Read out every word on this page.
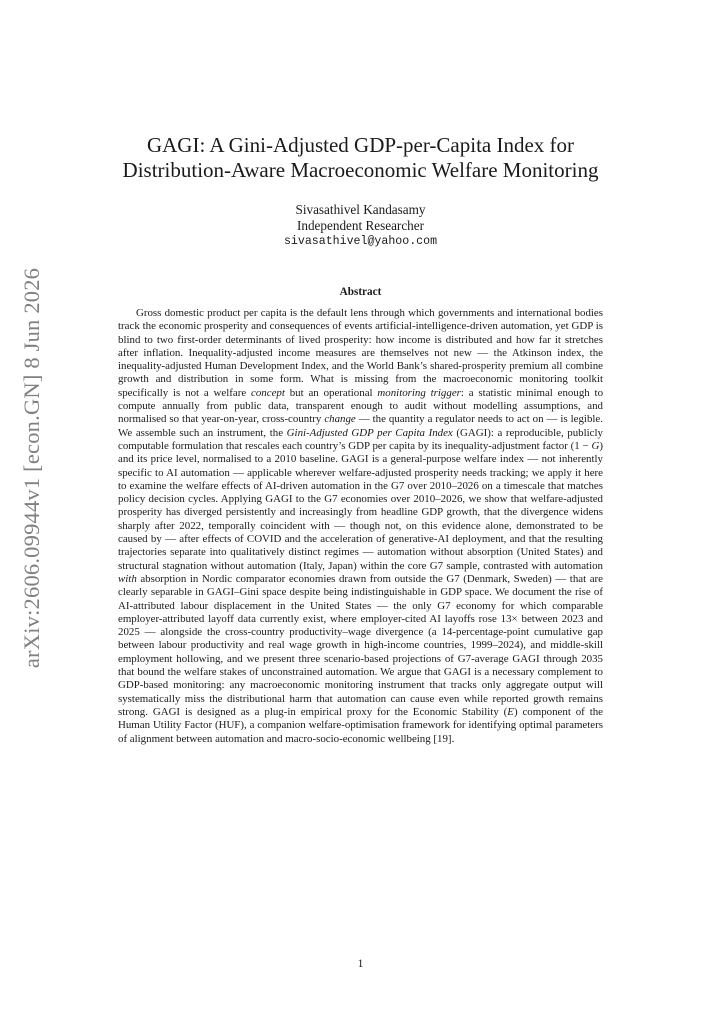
arXiv:2606.09944v1 [econ.GN] 8 Jun 2026
GAGI: A Gini-Adjusted GDP-per-Capita Index for
Distribution-Aware Macroeconomic Welfare Monitoring
Sivasathivel Kandasamy
Independent Researcher
sivasathivel@yahoo.com
Abstract
Gross domestic product per capita is the default lens through which governments and international bodies track the economic prosperity and consequences of events artificial-intelligence-driven automation, yet GDP is blind to two first-order determinants of lived prosperity: how income is distributed and how far it stretches after inflation. Inequality-adjusted income measures are themselves not new — the Atkinson index, the inequality-adjusted Human Development Index, and the World Bank’s shared-prosperity premium all combine growth and distribution in some form. What is missing from the macroeconomic monitoring toolkit specifically is not a welfare concept but an operational monitoring trigger: a statistic minimal enough to compute annually from public data, transparent enough to audit without modelling assumptions, and normalised so that year-on-year, cross-country change — the quantity a regulator needs to act on — is legible. We assemble such an instrument, the Gini-Adjusted GDP per Capita Index (GAGI): a reproducible, publicly computable formulation that rescales each country’s GDP per capita by its inequality-adjustment factor (1 − G) and its price level, normalised to a 2010 baseline. GAGI is a general-purpose welfare index — not inherently specific to AI automation — applicable wherever welfare-adjusted prosperity needs tracking; we apply it here to examine the welfare effects of AI-driven automation in the G7 over 2010–2026 on a timescale that matches policy decision cycles. Applying GAGI to the G7 economies over 2010–2026, we show that welfare-adjusted prosperity has diverged persistently and increasingly from headline GDP growth, that the divergence widens sharply after 2022, temporally coincident with — though not, on this evidence alone, demonstrated to be caused by — after effects of COVID and the acceleration of generative-AI deployment, and that the resulting trajectories separate into qualitatively distinct regimes — automation without absorption (United States) and structural stagnation without automation (Italy, Japan) within the core G7 sample, contrasted with automation with absorption in Nordic comparator economies drawn from outside the G7 (Denmark, Sweden) — that are clearly separable in GAGI–Gini space despite being indistinguishable in GDP space. We document the rise of AI-attributed labour displacement in the United States — the only G7 economy for which comparable employer-attributed layoff data currently exist, where employer-cited AI layoffs rose 13× between 2023 and 2025 — alongside the cross-country productivity–wage divergence (a 14-percentage-point cumulative gap between labour productivity and real wage growth in high-income countries, 1999–2024), and middle-skill employment hollowing, and we present three scenario-based projections of G7-average GAGI through 2035 that bound the welfare stakes of unconstrained automation. We argue that GAGI is a necessary complement to GDP-based monitoring: any macroeconomic monitoring instrument that tracks only aggregate output will systematically miss the distributional harm that automation can cause even while reported growth remains strong. GAGI is designed as a plug-in empirical proxy for the Economic Stability (E) component of the Human Utility Factor (HUF), a companion welfare-optimisation framework for identifying optimal parameters of alignment between automation and macro-socio-economic wellbeing [19].
1
